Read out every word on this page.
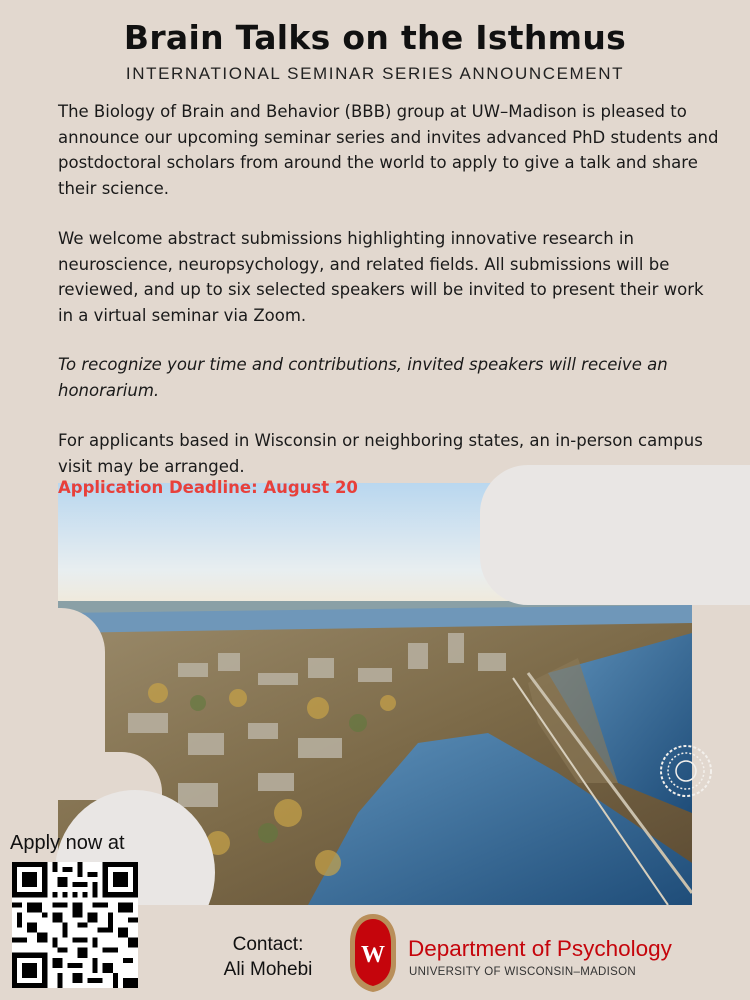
Brain Talks on the Isthmus
INTERNATIONAL SEMINAR SERIES ANNOUNCEMENT

The Biology of Brain and Behavior (BBB) group at UW–Madison is pleased to announce our upcoming seminar series and invites advanced PhD students and postdoctoral scholars from around the world to apply to give a talk and share their science.

We welcome abstract submissions highlighting innovative research in neuroscience, neuropsychology, and related fields. All submissions will be reviewed, and up to six selected speakers will be invited to present their work in a virtual seminar via Zoom.

To recognize your time and contributions, invited speakers will receive an honorarium.

For applicants based in Wisconsin or neighboring states, an in-person campus visit may be arranged.

Application Deadline: August 20
Apply now at
Contact:
Ali Mohebi
W Department of Psychology
UNIVERSITY OF WISCONSIN–MADISON
